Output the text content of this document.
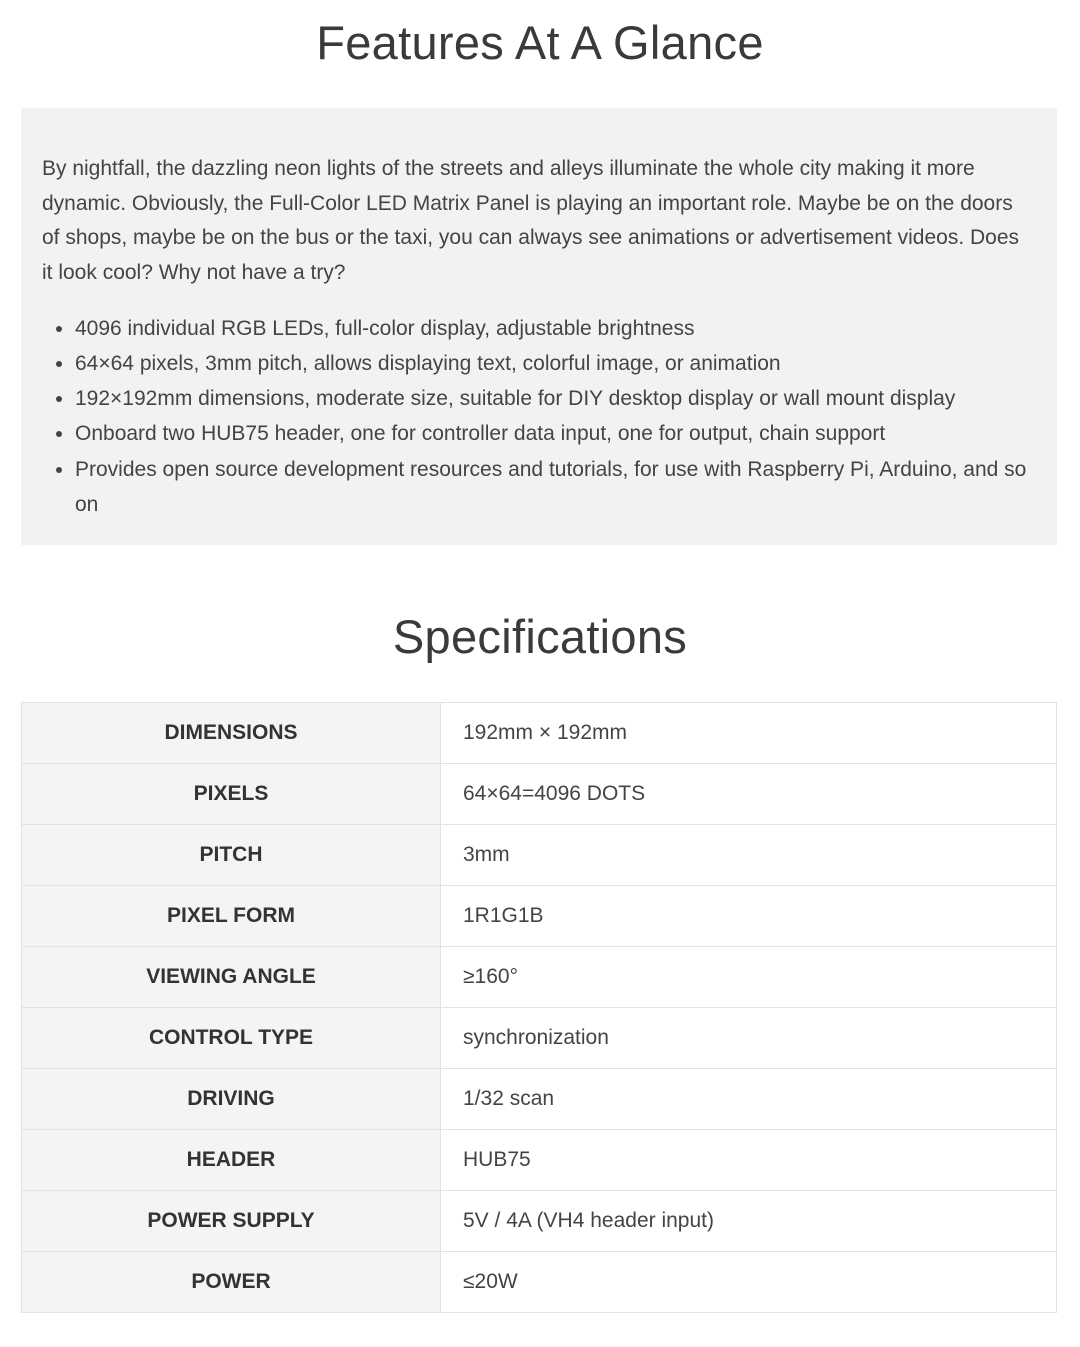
Features At A Glance

By nightfall, the dazzling neon lights of the streets and alleys illuminate the whole city making it more dynamic. Obviously, the Full-Color LED Matrix Panel is playing an important role. Maybe be on the doors of shops, maybe be on the bus or the taxi, you can always see animations or advertisement videos. Does it look cool? Why not have a try?

• 4096 individual RGB LEDs, full-color display, adjustable brightness
• 64×64 pixels, 3mm pitch, allows displaying text, colorful image, or animation
• 192×192mm dimensions, moderate size, suitable for DIY desktop display or wall mount display
• Onboard two HUB75 header, one for controller data input, one for output, chain support
• Provides open source development resources and tutorials, for use with Raspberry Pi, Arduino, and so on
Specifications
DIMENSIONS	192mm × 192mm
PIXELS	64×64=4096 DOTS
PITCH	3mm
PIXEL FORM	1R1G1B
VIEWING ANGLE	≥160°
CONTROL TYPE	synchronization
DRIVING	1/32 scan
HEADER	HUB75
POWER SUPPLY	5V / 4A (VH4 header input)
POWER	≤20W
